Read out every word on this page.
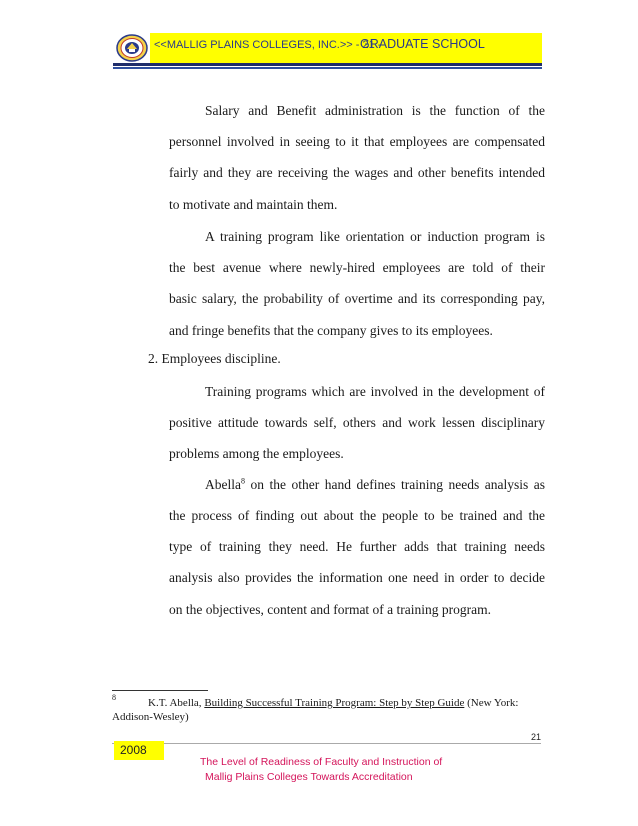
<<MALLIG PLAINS COLLEGES, INC.>> - 21 -
GRADUATE SCHOOL
Salary and Benefit administration is the function of the
personnel involved in seeing to it that employees are compensated
fairly and they are receiving the wages and other benefits intended
to motivate and maintain them.
A training program like orientation or induction program is
the best avenue where newly-hired employees are told of their
basic salary, the probability of overtime and its corresponding pay,
and fringe benefits that the company gives to its employees.
2. Employees discipline.
Training programs which are involved in the development of
positive attitude towards self, others and work lessen disciplinary
problems among the employees.
Abella$^8$ on the other hand defines training needs analysis as
the process of finding out about the people to be trained and the
type of training they need. He further adds that training needs
analysis also provides the information one need in order to decide
on the objectives, content and format of a training program.
8	K.T. Abella, Building Successful Training Program: Step by Step Guide (New York:
Addison-Wesley)
21
2008
The Level of Readiness of Faculty and Instruction of
Mallig Plains Colleges Towards Accreditation
